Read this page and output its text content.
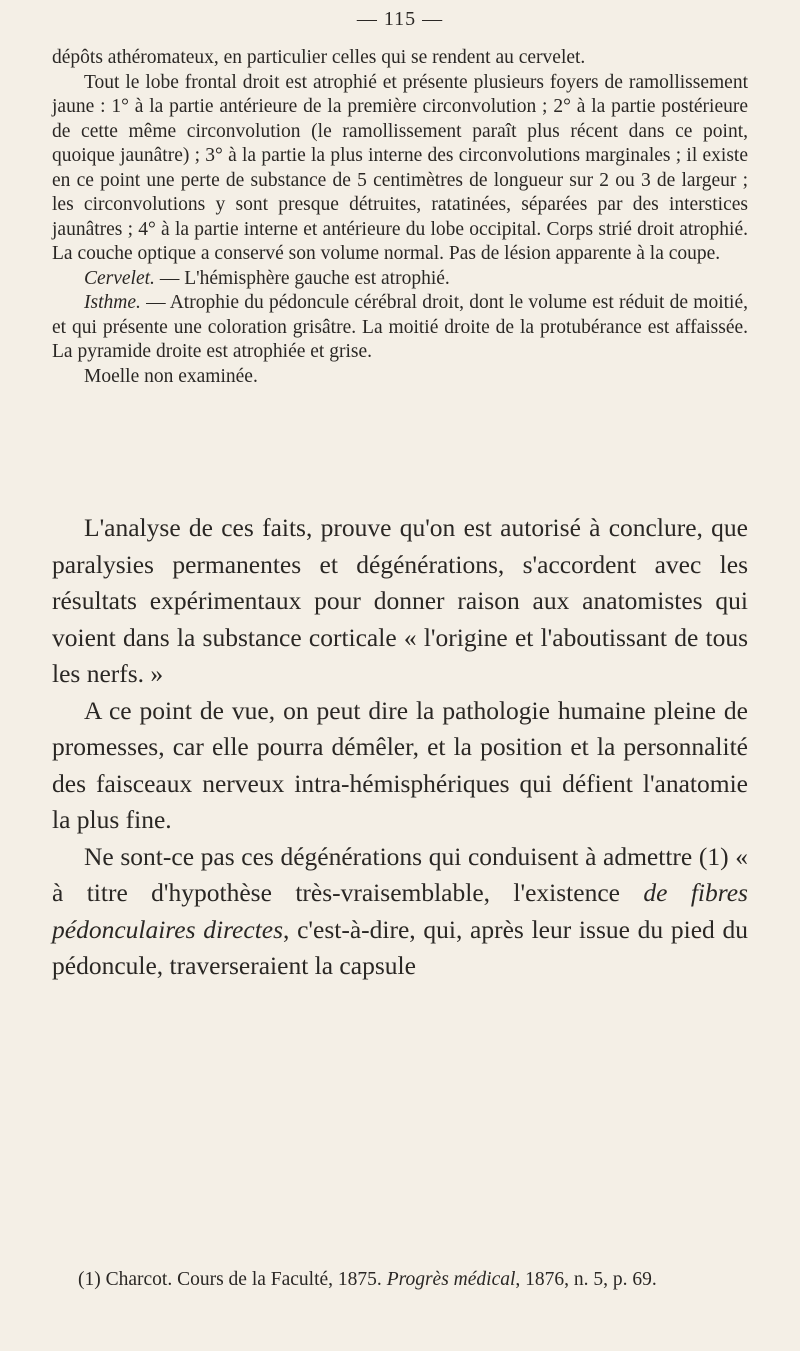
— 115 —

dépôts athéromateux, en particulier celles qui se rendent au cervelet.

Tout le lobe frontal droit est atrophié et présente plusieurs foyers de ramollissement jaune : 1° à la partie antérieure de la première circonvolution ; 2° à la partie postérieure de cette même circonvolution (le ramollissement paraît plus récent dans ce point, quoique jaunâtre) ; 3° à la partie la plus interne des circonvolutions marginales ; il existe en ce point une perte de substance de 5 centimètres de longueur sur 2 ou 3 de largeur ; les circonvolutions y sont presque détruites, ratatinées, séparées par des interstices jaunâtres ; 4° à la partie interne et antérieure du lobe occipital. Corps strié droit atrophié. La couche optique a conservé son volume normal. Pas de lésion apparente à la coupe.

Cervelet. — L'hémisphère gauche est atrophié.

Isthme. — Atrophie du pédoncule cérébral droit, dont le volume est réduit de moitié, et qui présente une coloration grisâtre. La moitié droite de la protubérance est affaissée. La pyramide droite est atrophiée et grise.

Moelle non examinée.

L'analyse de ces faits, prouve qu'on est autorisé à conclure, que paralysies permanentes et dégénérations, s'accordent avec les résultats expérimentaux pour donner raison aux anatomistes qui voient dans la substance corticale « l'origine et l'aboutissant de tous les nerfs. »

A ce point de vue, on peut dire la pathologie humaine pleine de promesses, car elle pourra démêler, et la position et la personnalité des faisceaux nerveux intra-hémisphériques qui défient l'anatomie la plus fine.

Ne sont-ce pas ces dégénérations qui conduisent à admettre (1) « à titre d'hypothèse très-vraisemblable, l'existence de fibres pédonculaires directes, c'est-à-dire, qui, après leur issue du pied du pédoncule, traverseraient la capsule

(1) Charcot. Cours de la Faculté, 1875. Progrès médical, 1876, n. 5, p. 69.
